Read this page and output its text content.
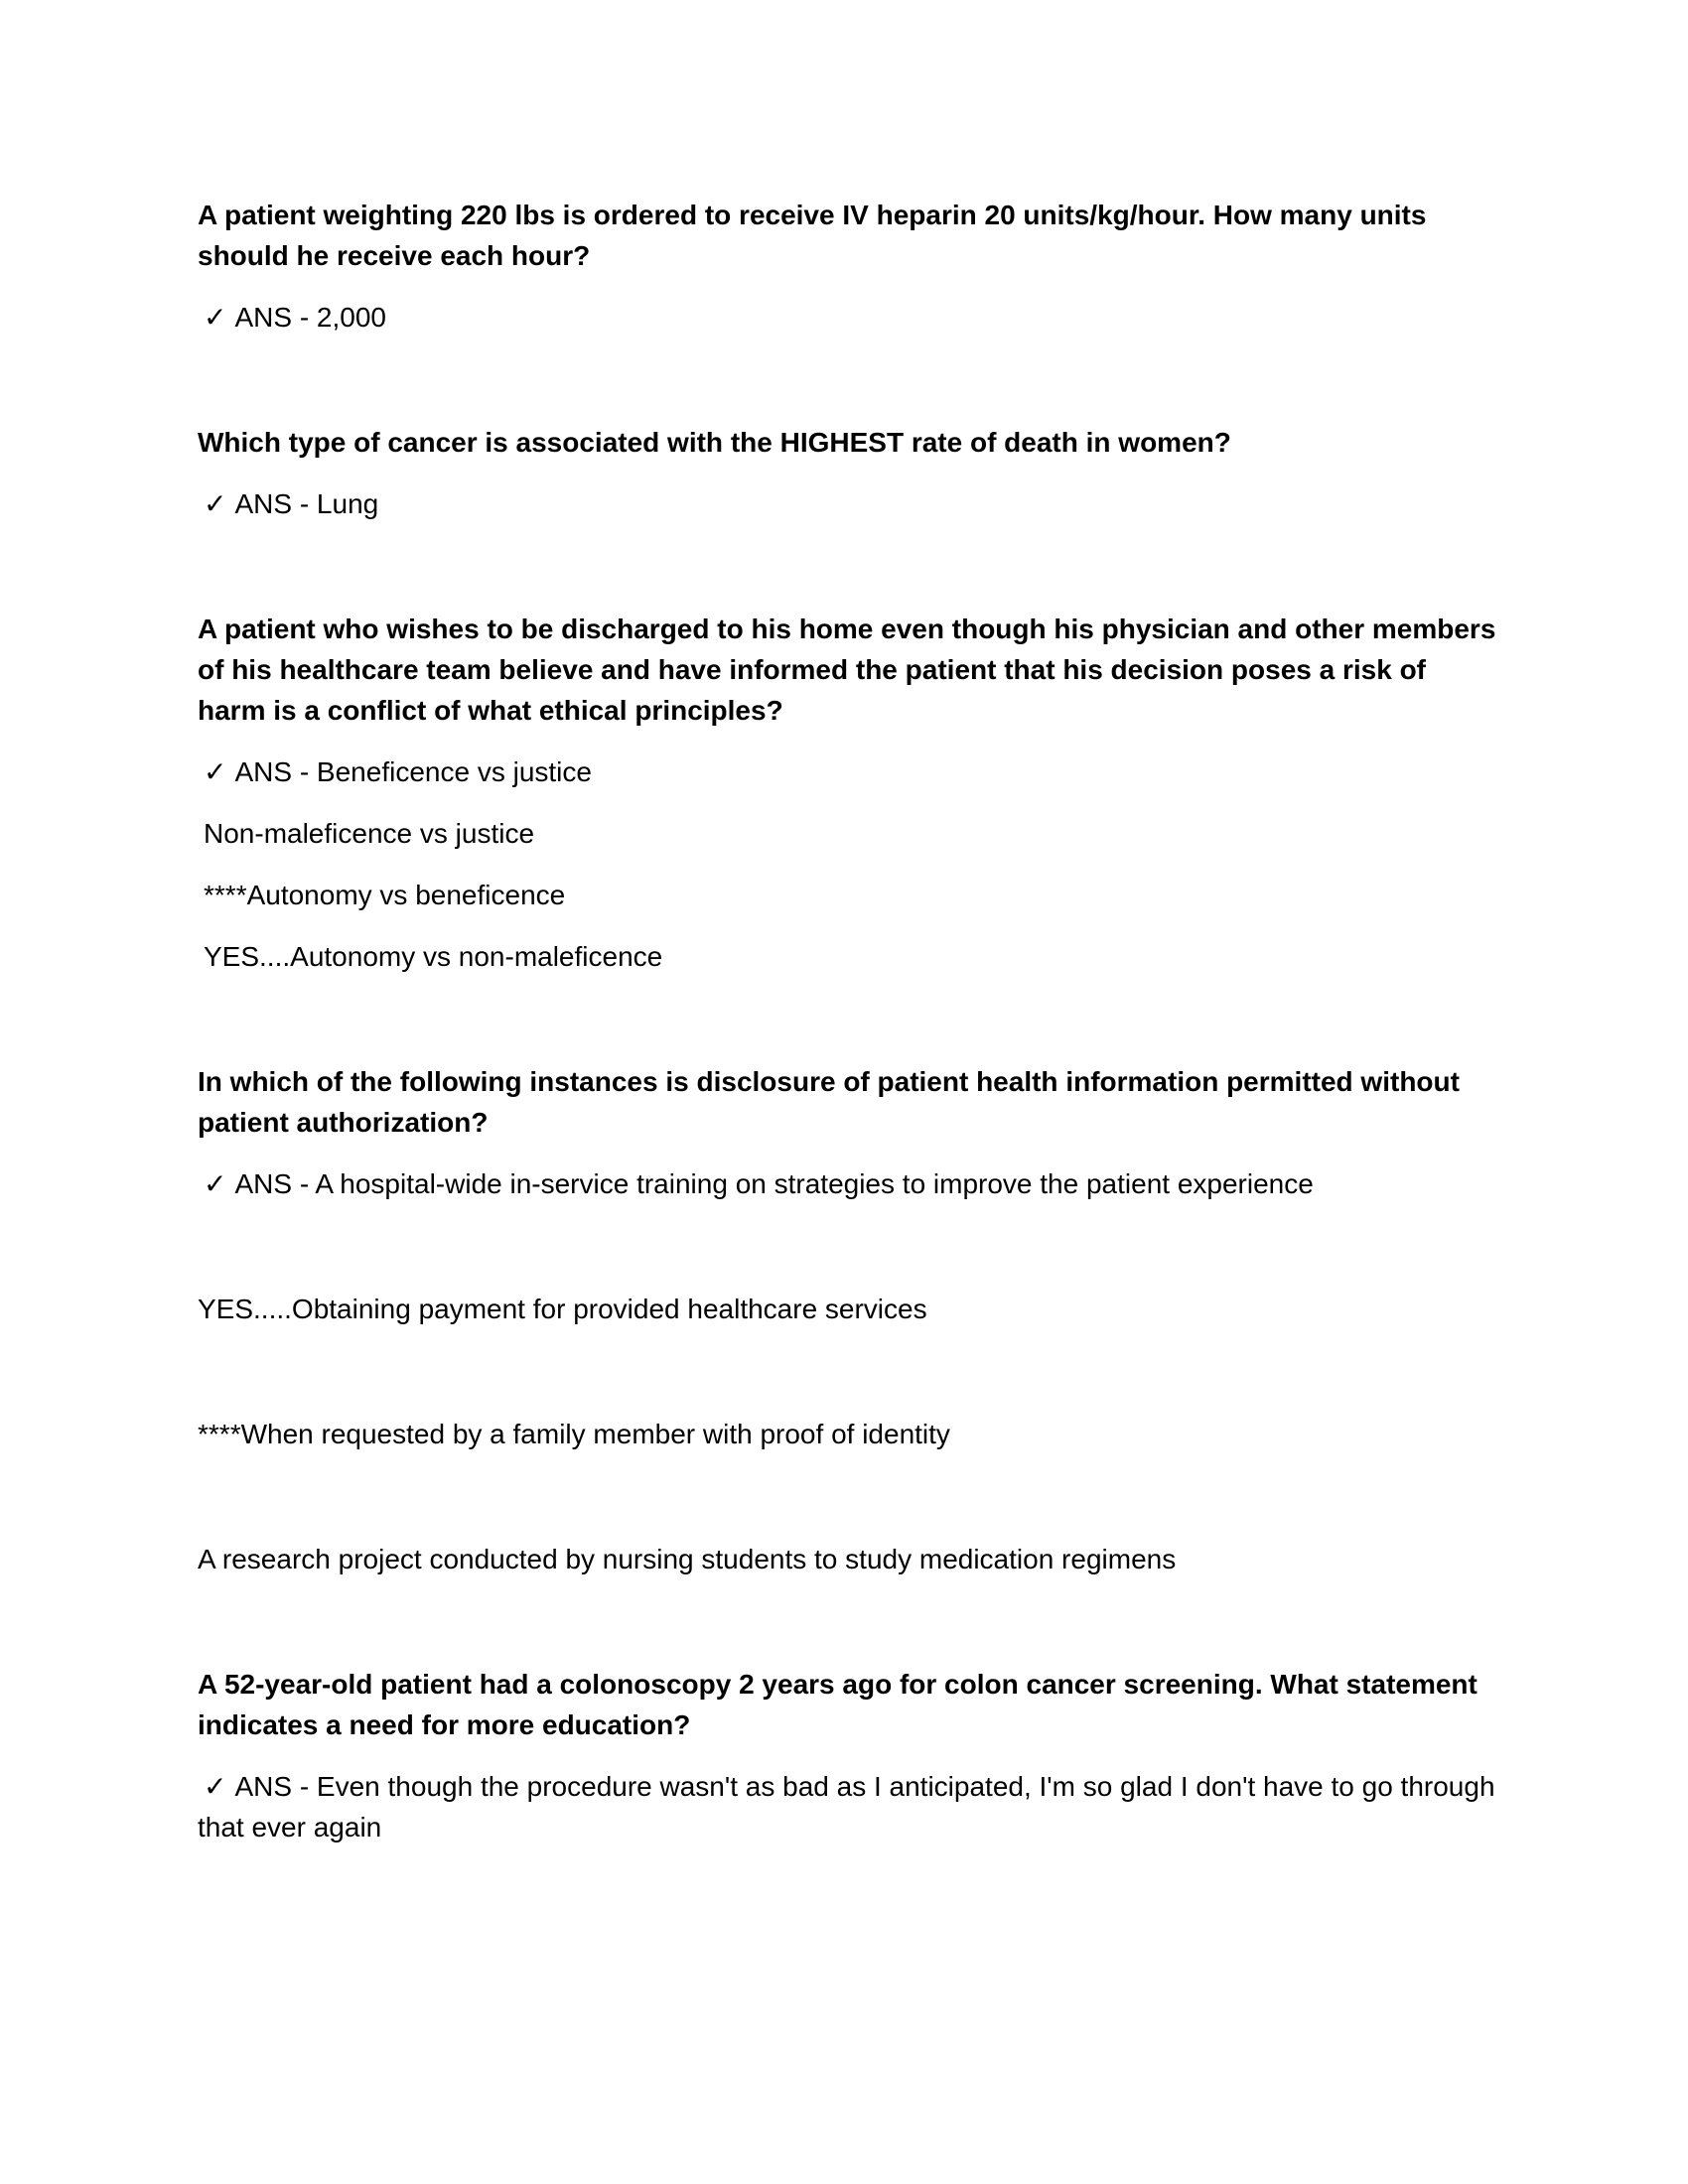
A patient weighting 220 lbs is ordered to receive IV heparin 20 units/kg/hour. How many units should he receive each hour?

✓ ANS - 2,000

Which type of cancer is associated with the HIGHEST rate of death in women?

✓ ANS - Lung

A patient who wishes to be discharged to his home even though his physician and other members of his healthcare team believe and have informed the patient that his decision poses a risk of harm is a conflict of what ethical principles?

✓ ANS - Beneficence vs justice

Non-maleficence vs justice

****Autonomy vs beneficence

YES....Autonomy vs non-maleficence

In which of the following instances is disclosure of patient health information permitted without patient authorization?

✓ ANS - A hospital-wide in-service training on strategies to improve the patient experience

YES.....Obtaining payment for provided healthcare services

****When requested by a family member with proof of identity

A research project conducted by nursing students to study medication regimens

A 52-year-old patient had a colonoscopy 2 years ago for colon cancer screening. What statement indicates a need for more education?

✓ ANS - Even though the procedure wasn't as bad as I anticipated, I'm so glad I don't have to go through that ever again
